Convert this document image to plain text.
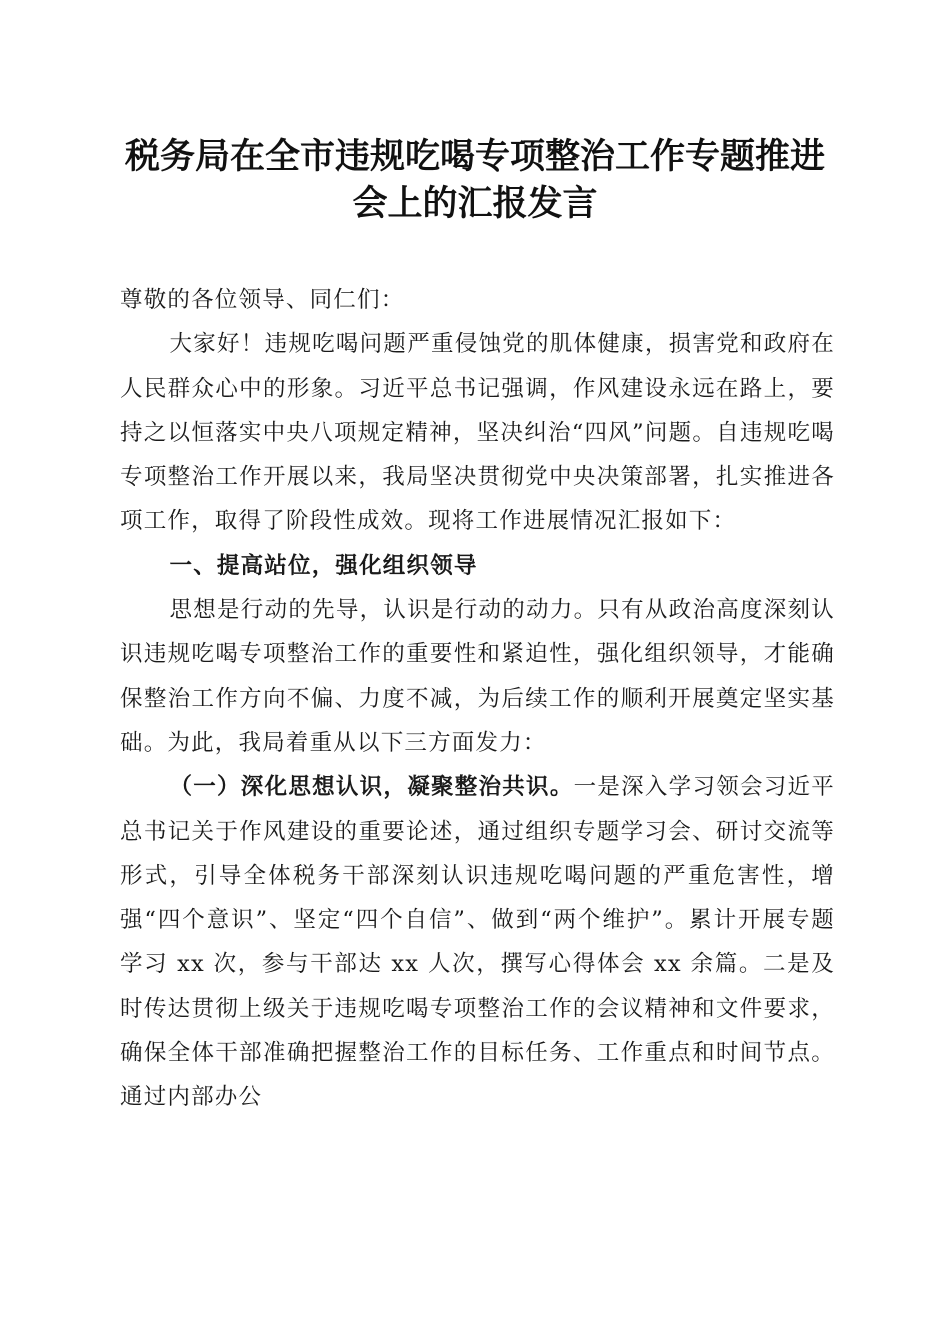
税务局在全市违规吃喝专项整治工作专题推进
会上的汇报发言

尊敬的各位领导、同仁们：

大家好！违规吃喝问题严重侵蚀党的肌体健康，损害党和政府在人民群众心中的形象。习近平总书记强调，作风建设永远在路上，要持之以恒落实中央八项规定精神，坚决纠治“四风”问题。自违规吃喝专项整治工作开展以来，我局坚决贯彻党中央决策部署，扎实推进各项工作，取得了阶段性成效。现将工作进展情况汇报如下：

一、提高站位，强化组织领导

思想是行动的先导，认识是行动的动力。只有从政治高度深刻认识违规吃喝专项整治工作的重要性和紧迫性，强化组织领导，才能确保整治工作方向不偏、力度不减，为后续工作的顺利开展奠定坚实基础。为此，我局着重从以下三方面发力：

（一）深化思想认识，凝聚整治共识。一是深入学习领会习近平总书记关于作风建设的重要论述，通过组织专题学习会、研讨交流等形式，引导全体税务干部深刻认识违规吃喝问题的严重危害性，增强“四个意识”、坚定“四个自信”、做到“两个维护”。累计开展专题学习 xx 次，参与干部达 xx 人次，撰写心得体会 xx 余篇。二是及时传达贯彻上级关于违规吃喝专项整治工作的会议精神和文件要求，确保全体干部准确把握整治工作的目标任务、工作重点和时间节点。通过内部办公
